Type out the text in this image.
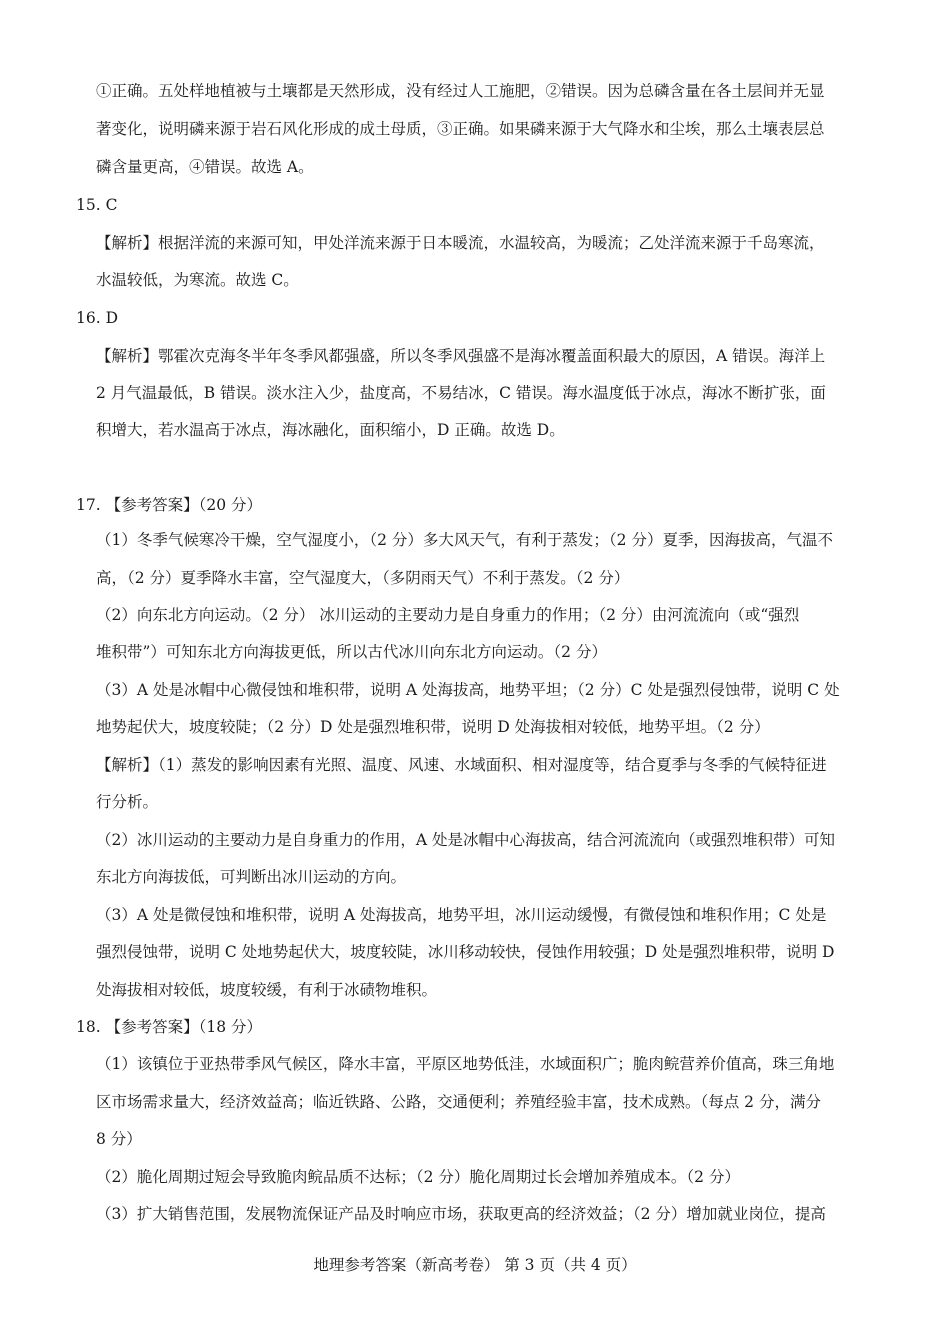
①正确。五处样地植被与土壤都是天然形成，没有经过人工施肥，②错误。因为总磷含量在各土层间并无显
著变化，说明磷来源于岩石风化形成的成土母质，③正确。如果磷来源于大气降水和尘埃，那么土壤表层总
磷含量更高，④错误。故选 A。
15. C
【解析】根据洋流的来源可知，甲处洋流来源于日本暖流，水温较高，为暖流；乙处洋流来源于千岛寒流，
水温较低，为寒流。故选 C。
16. D
【解析】鄂霍次克海冬半年冬季风都强盛，所以冬季风强盛不是海冰覆盖面积最大的原因，A 错误。海洋上
2 月气温最低，B 错误。淡水注入少，盐度高，不易结冰，C 错误。海水温度低于冰点，海冰不断扩张，面
积增大，若水温高于冰点，海冰融化，面积缩小，D 正确。故选 D。
17. 【参考答案】（20 分）
（1）冬季气候寒冷干燥，空气湿度小，（2 分）多大风天气，有利于蒸发；（2 分）夏季，因海拔高，气温不
高，（2 分）夏季降水丰富，空气湿度大，（多阴雨天气）不利于蒸发。（2 分）
（2）向东北方向运动。（2 分） 冰川运动的主要动力是自身重力的作用；（2 分）由河流流向（或“强烈
堆积带”）可知东北方向海拔更低，所以古代冰川向东北方向运动。（2 分）
（3）A 处是冰帽中心微侵蚀和堆积带，说明 A 处海拔高，地势平坦；（2 分）C 处是强烈侵蚀带，说明 C 处
地势起伏大，坡度较陡；（2 分）D 处是强烈堆积带，说明 D 处海拔相对较低，地势平坦。（2 分）
【解析】（1）蒸发的影响因素有光照、温度、风速、水域面积、相对湿度等，结合夏季与冬季的气候特征进
行分析。
（2）冰川运动的主要动力是自身重力的作用，A 处是冰帽中心海拔高，结合河流流向（或强烈堆积带）可知
东北方向海拔低，可判断出冰川运动的方向。
（3）A 处是微侵蚀和堆积带，说明 A 处海拔高，地势平坦，冰川运动缓慢，有微侵蚀和堆积作用；C 处是
强烈侵蚀带，说明 C 处地势起伏大，坡度较陡，冰川移动较快，侵蚀作用较强；D 处是强烈堆积带，说明 D
处海拔相对较低，坡度较缓，有利于冰碛物堆积。
18. 【参考答案】（18 分）
（1）该镇位于亚热带季风气候区，降水丰富，平原区地势低洼，水域面积广；脆肉鲩营养价值高，珠三角地
区市场需求量大，经济效益高；临近铁路、公路，交通便利；养殖经验丰富，技术成熟。（每点 2 分，满分
8 分）
（2）脆化周期过短会导致脆肉鲩品质不达标；（2 分）脆化周期过长会增加养殖成本。（2 分）
（3）扩大销售范围，发展物流保证产品及时响应市场，获取更高的经济效益；（2 分）增加就业岗位，提高
地理参考答案（新高考卷） 第 3 页（共 4 页）
